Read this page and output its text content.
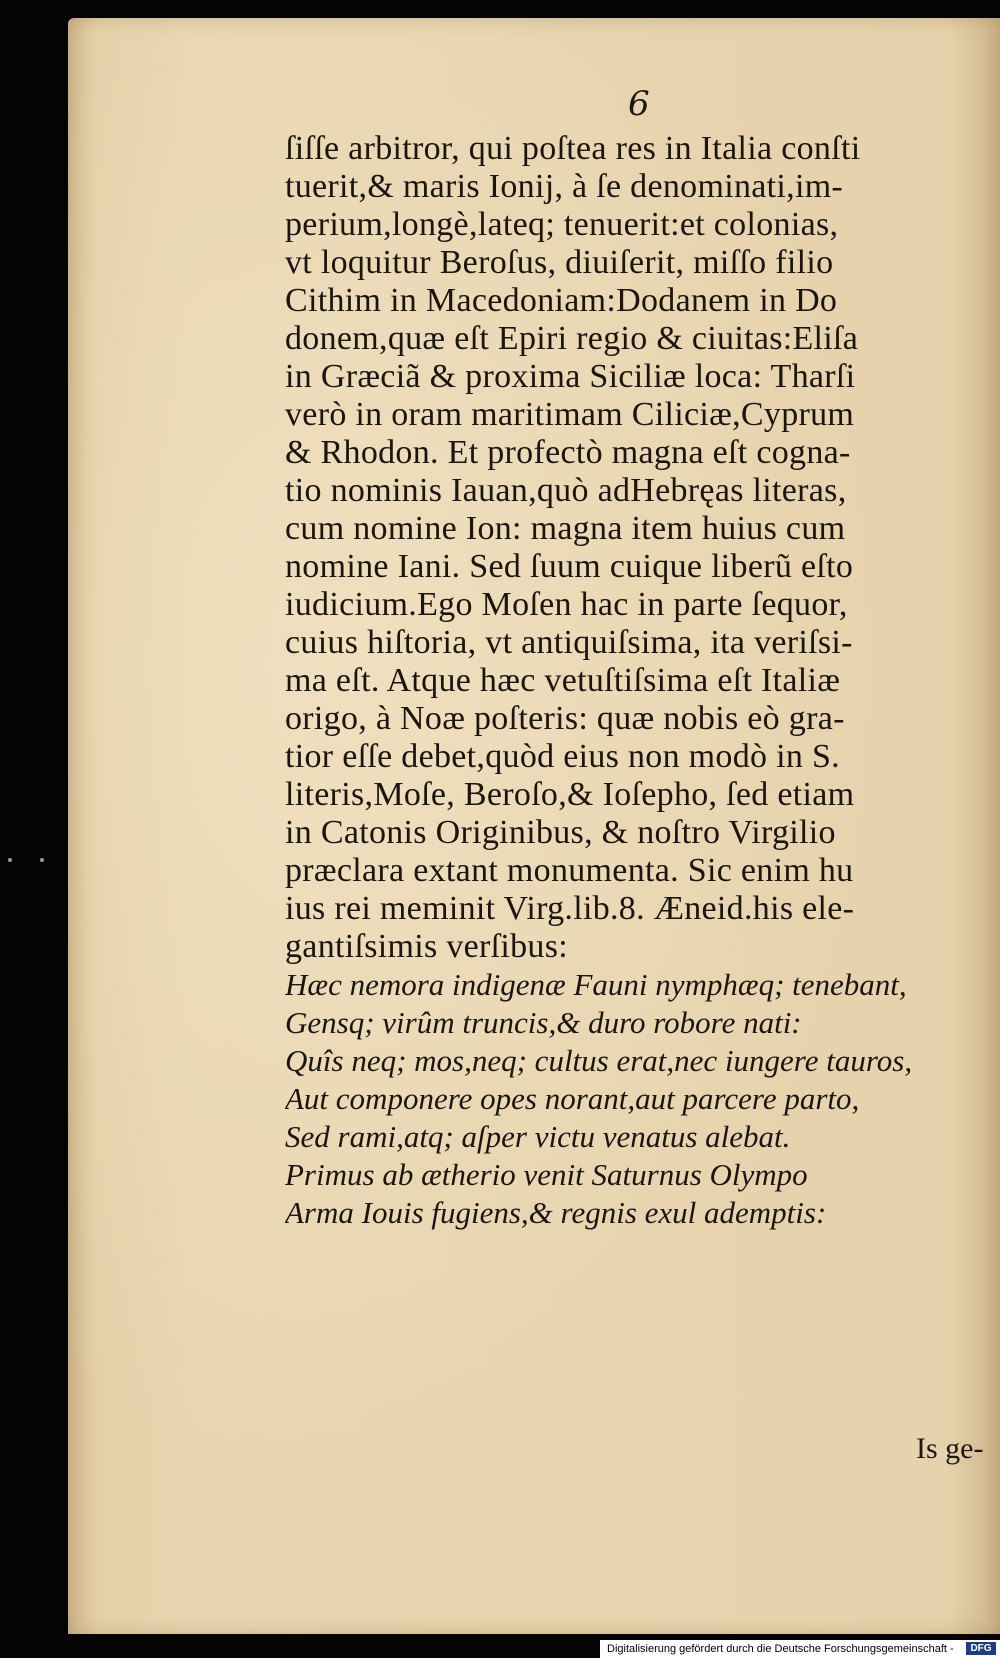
6
ſiſſe arbitror, qui poſtea res in Italia conſti
tuerit,& maris Ionij, à ſe denominati,im-
perium,longè,lateq; tenuerit:et colonias,
vt loquitur Beroſus, diuiſerit, miſſo filio
Cithim in Macedoniam:Dodanem in Do
donem,quæ eſt Epiri regio & ciuitas:Eliſa
in Græciã & proxima Siciliæ loca: Tharſi
verò in oram maritimam Ciliciæ,Cyprum
& Rhodon. Et profectò magna eſt cogna-
tio nominis Iauan,quò adHebręas literas,
cum nomine Ion: magna item huius cum
nomine Iani. Sed ſuum cuique liberũ eſto
iudicium.Ego Moſen hac in parte ſequor,
cuius hiſtoria, vt antiquiſsima, ita veriſsi-
ma eſt. Atque hæc vetuſtiſsima eſt Italiæ
origo, à Noæ poſteris: quæ nobis eò gra-
tior eſſe debet,quòd eius non modò in S.
literis,Moſe, Beroſo,& Ioſepho, ſed etiam
in Catonis Originibus, & noſtro Virgilio
præclara extant monumenta. Sic enim hu
ius rei meminit Virg.lib.8. Æneid.his ele-
gantiſsimis verſibus:
Hæc nemora indigenæ Fauni nymphæq; tenebant,
Gensq; virûm truncis,& duro robore nati:
Quîs neq; mos,neq; cultus erat,nec iungere tauros,
Aut componere opes norant,aut parcere parto,
Sed rami,atq; aſper victu venatus alebat.
Primus ab ætherio venit Saturnus Olympo
Arma Iouis fugiens,& regnis exul ademptis:
Is ge-
Digitalisierung gefördert durch die Deutsche Forschungsgemeinschaft -	DFG
